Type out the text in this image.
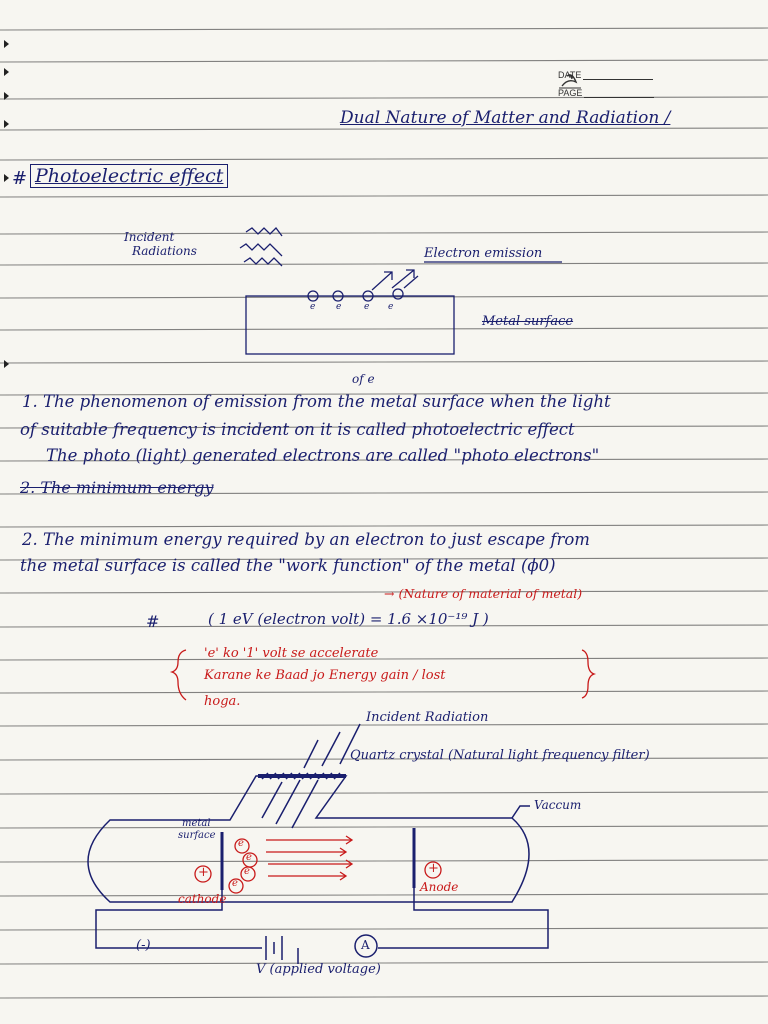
DATE
PAGE
Dual Nature of Matter and Radiation /
# Photoelectric effect
Incident
Radiations	Electron emission
e e	e e
Metal surface
of e
1. The phenomenon of emission from the metal surface when the light
of suitable frequency is incident on it is called photoelectric effect
The photo (light) generated electrons are called "photo electrons"
2. The minimum energy
2. The minimum energy required by an electron to just escape from
the metal surface is called the "work function" of the metal (ϕ0)
→ (Nature of material of metal)
#	( 1 eV (electron volt) = 1.6 ×10⁻¹⁹ J )
'e' ko '1' volt se accelerate
Karane ke Baad jo Energy gain / lost
hoga.
Incident Radiation
Quartz crystal (Natural light frequency filter)
Vaccum
metal
surface
e
e
e
e
+	+
cathode
Anode
(-)	A
V (applied voltage)
